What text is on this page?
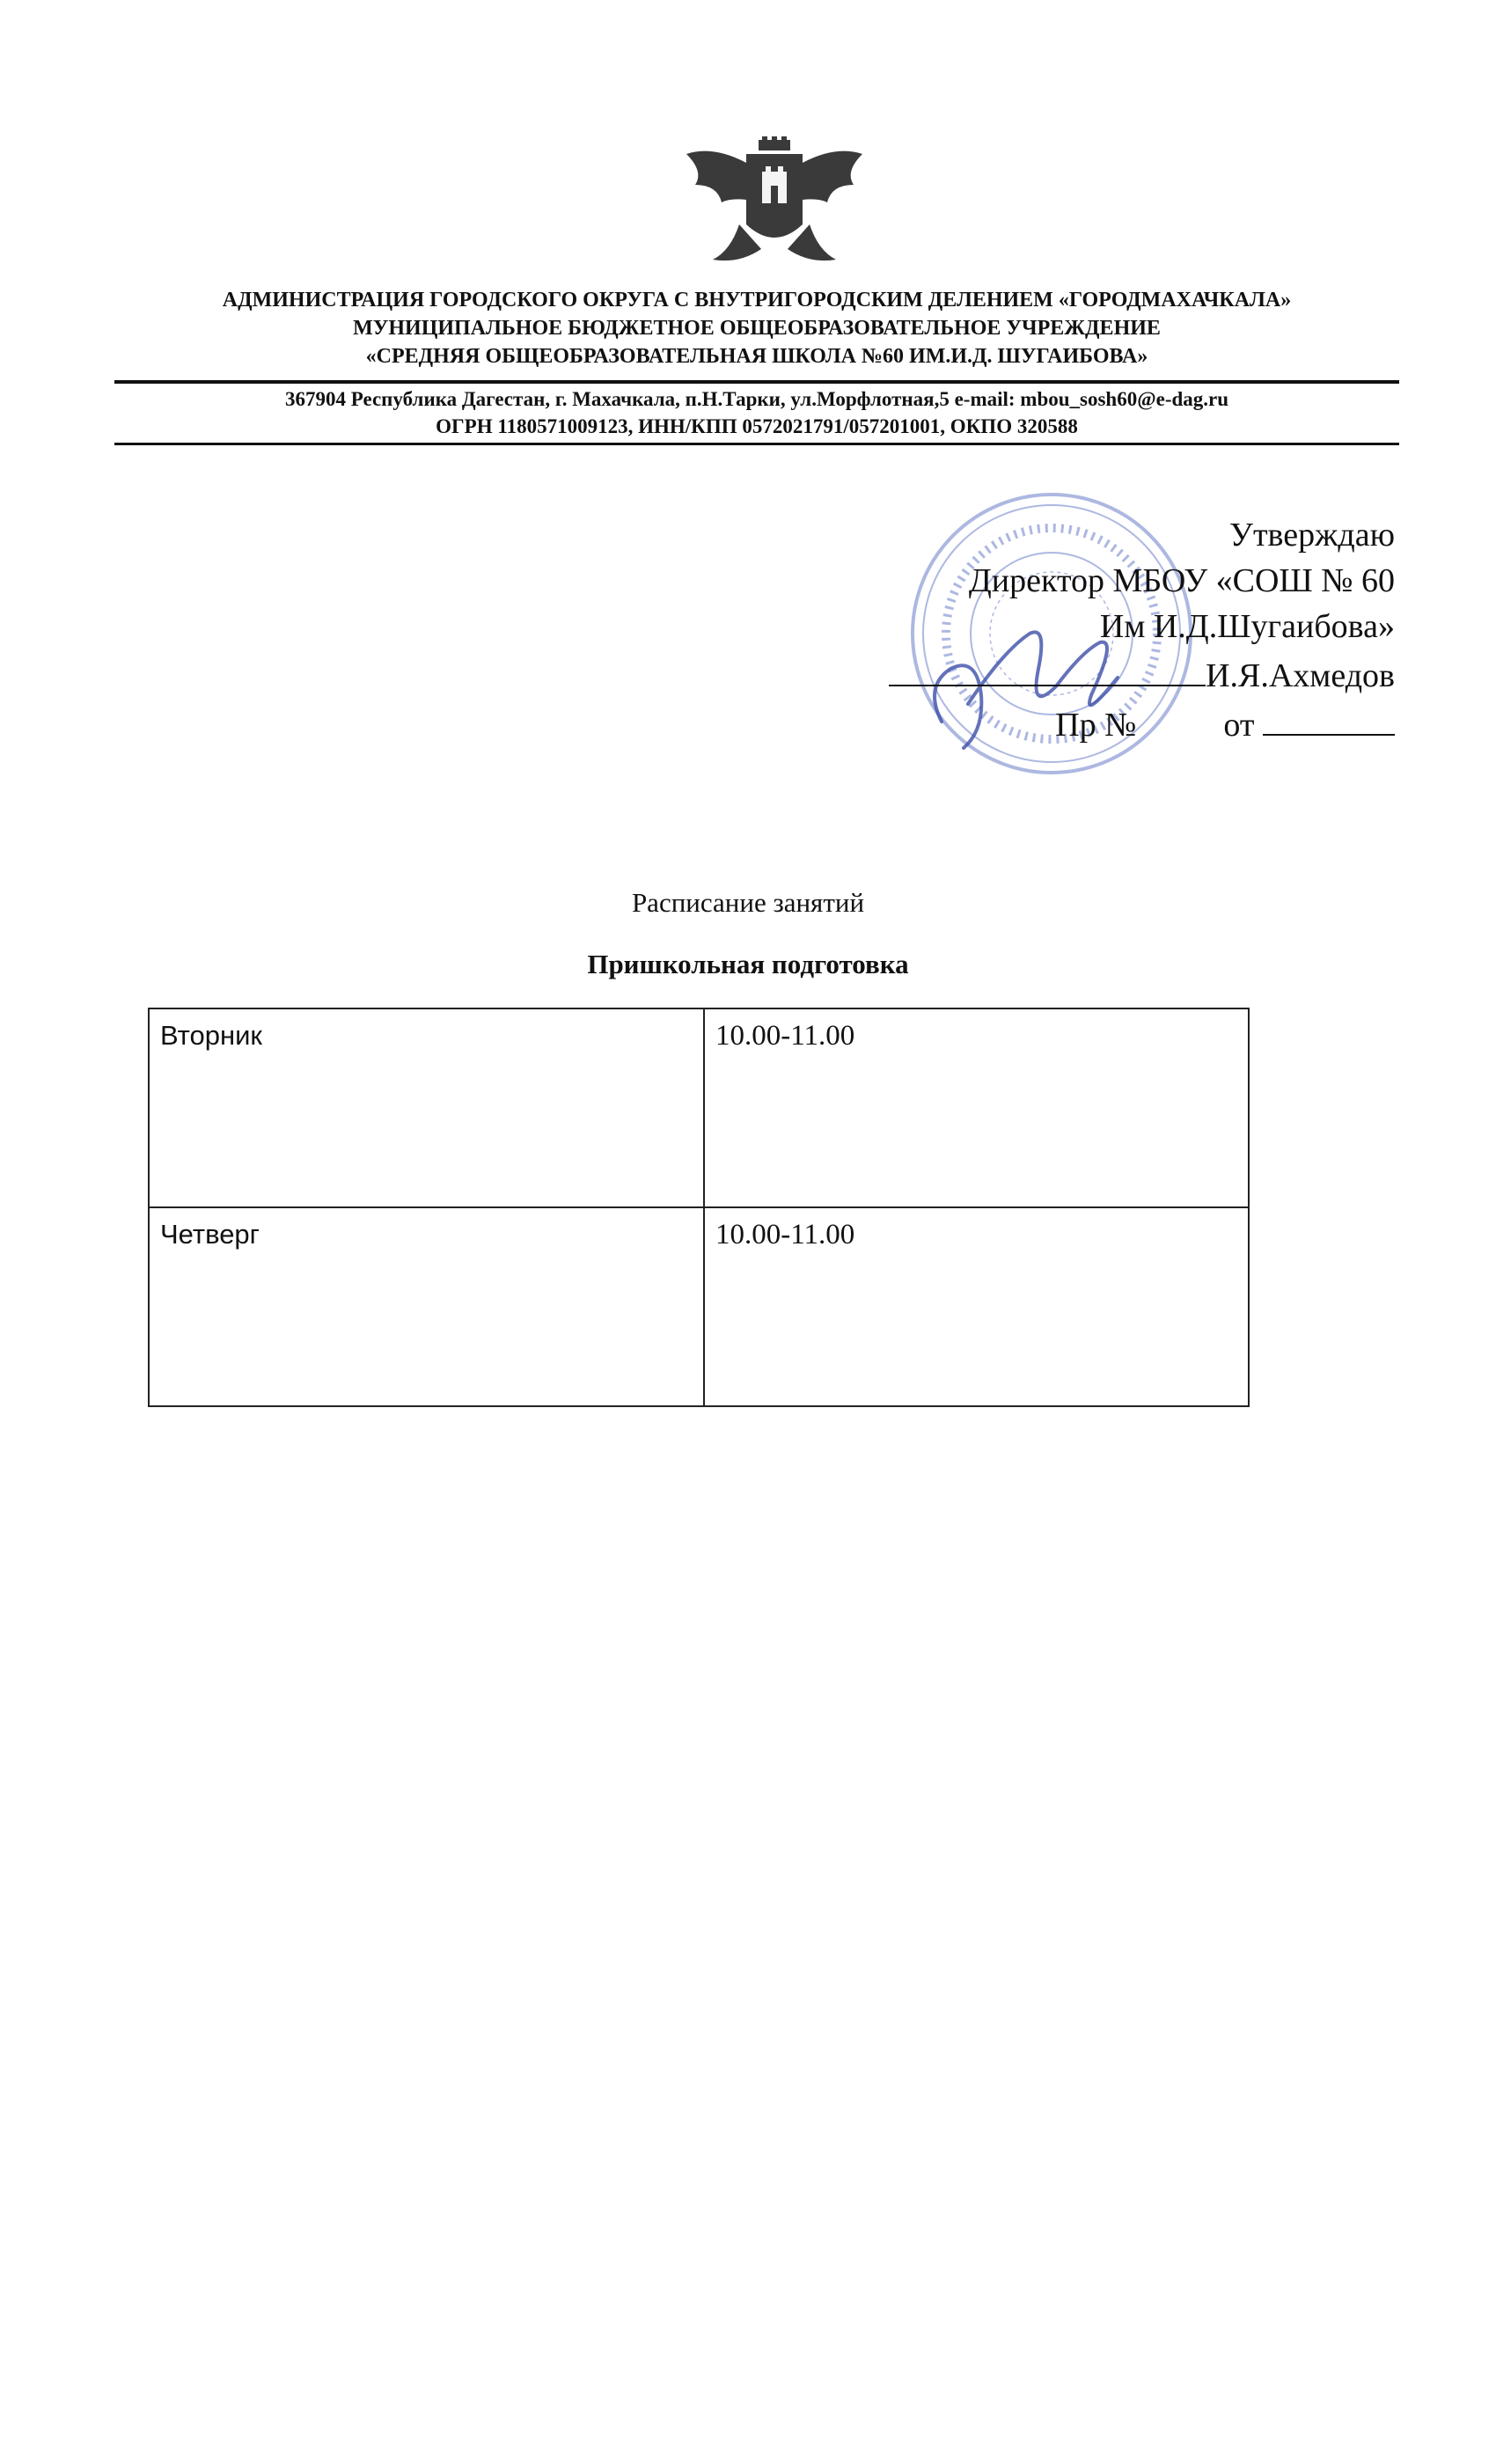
АДМИНИСТРАЦИЯ ГОРОДСКОГО ОКРУГА С ВНУТРИГОРОДСКИМ ДЕЛЕНИЕМ «ГОРОДМАХАЧКАЛА»
МУНИЦИПАЛЬНОЕ БЮДЖЕТНОЕ ОБЩЕОБРАЗОВАТЕЛЬНОЕ УЧРЕЖДЕНИЕ
«СРЕДНЯЯ ОБЩЕОБРАЗОВАТЕЛЬНАЯ ШКОЛА №60 ИМ.И.Д. ШУГАИБОВА»
367904 Республика Дагестан, г. Махачкала, п.Н.Тарки, ул.Морфлотная,5 e-mail: mbou_sosh60@e-dag.ru
ОГРН 1180571009123, ИНН/КПП 0572021791/057201001, ОКПО 320588
Утверждаю
Директор МБОУ «СОШ № 60
Им И.Д.Шугаибова»
И.Я.Ахмедов
Пр №	от
Расписание занятий
Пришкольная подготовка
Вторник	10.00-11.00
Четверг	10.00-11.00
